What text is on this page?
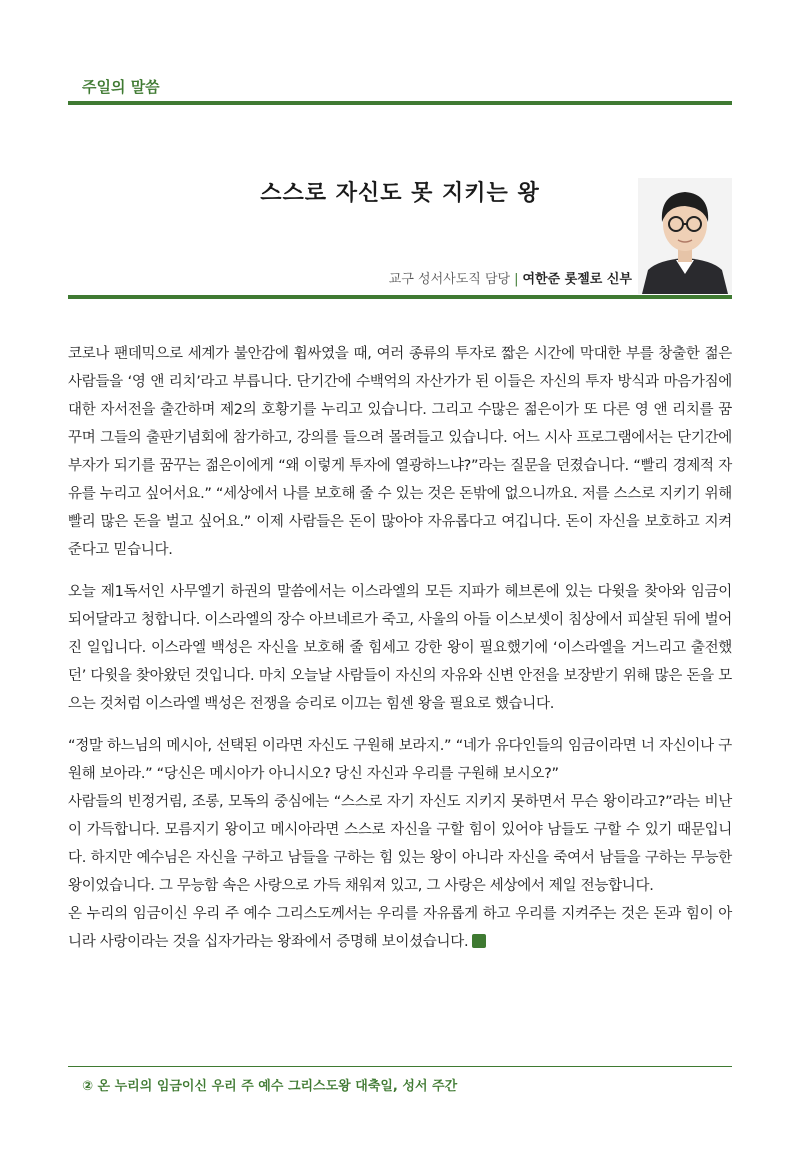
주일의 말씀
스스로 자신도 못 지키는 왕
교구 성서사도직 담당 | 여한준 롯젤로 신부

코로나 팬데믹으로 세계가 불안감에 휩싸였을 때, 여러 종류의 투자로 짧은 시간에 막대한 부를 창출한 젊은 사람들을 ‘영 앤 리치’라고 부릅니다. 단기간에 수백억의 자산가가 된 이들은 자신의 투자 방식과 마음가짐에 대한 자서전을 출간하며 제2의 호황기를 누리고 있습니다. 그리고 수많은 젊은이가 또 다른 영 앤 리치를 꿈꾸며 그들의 출판기념회에 참가하고, 강의를 들으려 몰려들고 있습니다. 어느 시사 프로그램에서는 단기간에 부자가 되기를 꿈꾸는 젊은이에게 “왜 이렇게 투자에 열광하느냐?”라는 질문을 던졌습니다. “빨리 경제적 자유를 누리고 싶어서요.” “세상에서 나를 보호해 줄 수 있는 것은 돈밖에 없으니까요. 저를 스스로 지키기 위해 빨리 많은 돈을 벌고 싶어요.” 이제 사람들은 돈이 많아야 자유롭다고 여깁니다. 돈이 자신을 보호하고 지켜준다고 믿습니다.

오늘 제1독서인 사무엘기 하권의 말씀에서는 이스라엘의 모든 지파가 헤브론에 있는 다윗을 찾아와 임금이 되어달라고 청합니다. 이스라엘의 장수 아브네르가 죽고, 사울의 아들 이스보셋이 침상에서 피살된 뒤에 벌어진 일입니다. 이스라엘 백성은 자신을 보호해 줄 힘세고 강한 왕이 필요했기에 ‘이스라엘을 거느리고 출전했던’ 다윗을 찾아왔던 것입니다. 마치 오늘날 사람들이 자신의 자유와 신변 안전을 보장받기 위해 많은 돈을 모으는 것처럼 이스라엘 백성은 전쟁을 승리로 이끄는 힘센 왕을 필요로 했습니다.

“정말 하느님의 메시아, 선택된 이라면 자신도 구원해 보라지.” “네가 유다인들의 임금이라면 너 자신이나 구원해 보아라.” “당신은 메시아가 아니시오? 당신 자신과 우리를 구원해 보시오?”

사람들의 빈정거림, 조롱, 모독의 중심에는 “스스로 자기 자신도 지키지 못하면서 무슨 왕이라고?”라는 비난이 가득합니다. 모름지기 왕이고 메시아라면 스스로 자신을 구할 힘이 있어야 남들도 구할 수 있기 때문입니다. 하지만 예수님은 자신을 구하고 남들을 구하는 힘 있는 왕이 아니라 자신을 죽여서 남들을 구하는 무능한 왕이었습니다. 그 무능함 속은 사랑으로 가득 채워져 있고, 그 사랑은 세상에서 제일 전능합니다.

온 누리의 임금이신 우리 주 예수 그리스도께서는 우리를 자유롭게 하고 우리를 지켜주는 것은 돈과 힘이 아니라 사랑이라는 것을 십자가라는 왕좌에서 증명해 보이셨습니다.

② 온 누리의 임금이신 우리 주 예수 그리스도왕 대축일, 성서 주간
